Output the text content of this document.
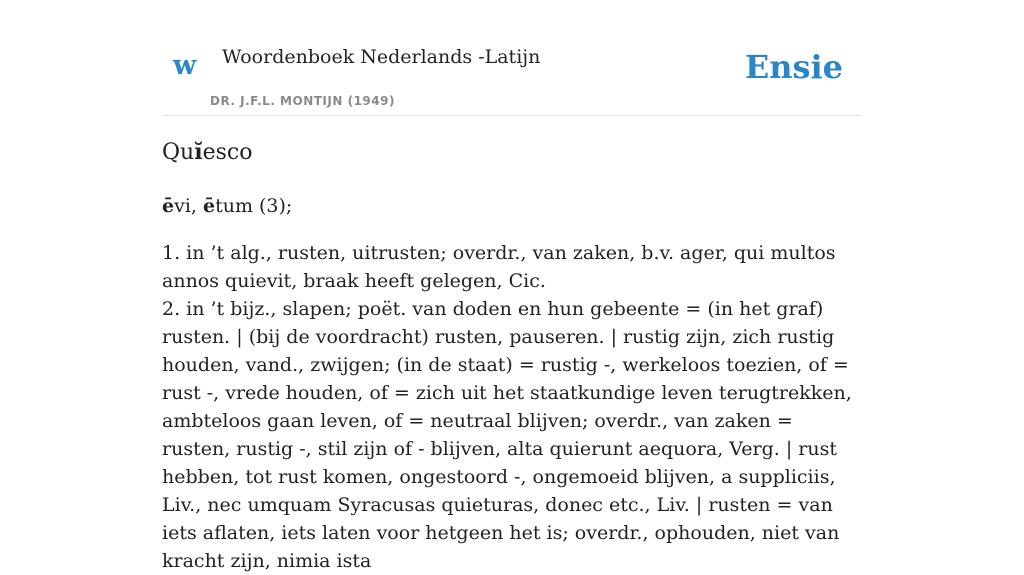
w Woordenboek Nederlands -Latijn
DR. J.F.L. MONTIJN (1949)
Ensie
Quĭesco
ēvi, ētum (3);

1. in ’t alg., rusten, uitrusten; overdr., van zaken, b.v. ager, qui multos annos quievit, braak heeft gelegen, Cic.

2. in ’t bijz., slapen; poët. van doden en hun gebeente = (in het graf) rusten. | (bij de voordracht) rusten, pauseren. | rustig zijn, zich rustig houden, vand., zwijgen; (in de staat) = rustig -, werkeloos toezien, of = rust -, vrede houden, of = zich uit het staatkundige leven terugtrekken, ambteloos gaan leven, of = neutraal blijven; overdr., van zaken = rusten, rustig -, stil zijn of - blijven, alta quierunt aequora, Verg. | rust hebben, tot rust komen, ongestoord -, ongemoeid blijven, a suppliciis, Liv., nec umquam Syracusas quieturas, donec etc., Liv. | rusten = van iets aflaten, iets laten voor hetgeen het is; overdr., ophouden, niet van kracht zijn, nimia ista
